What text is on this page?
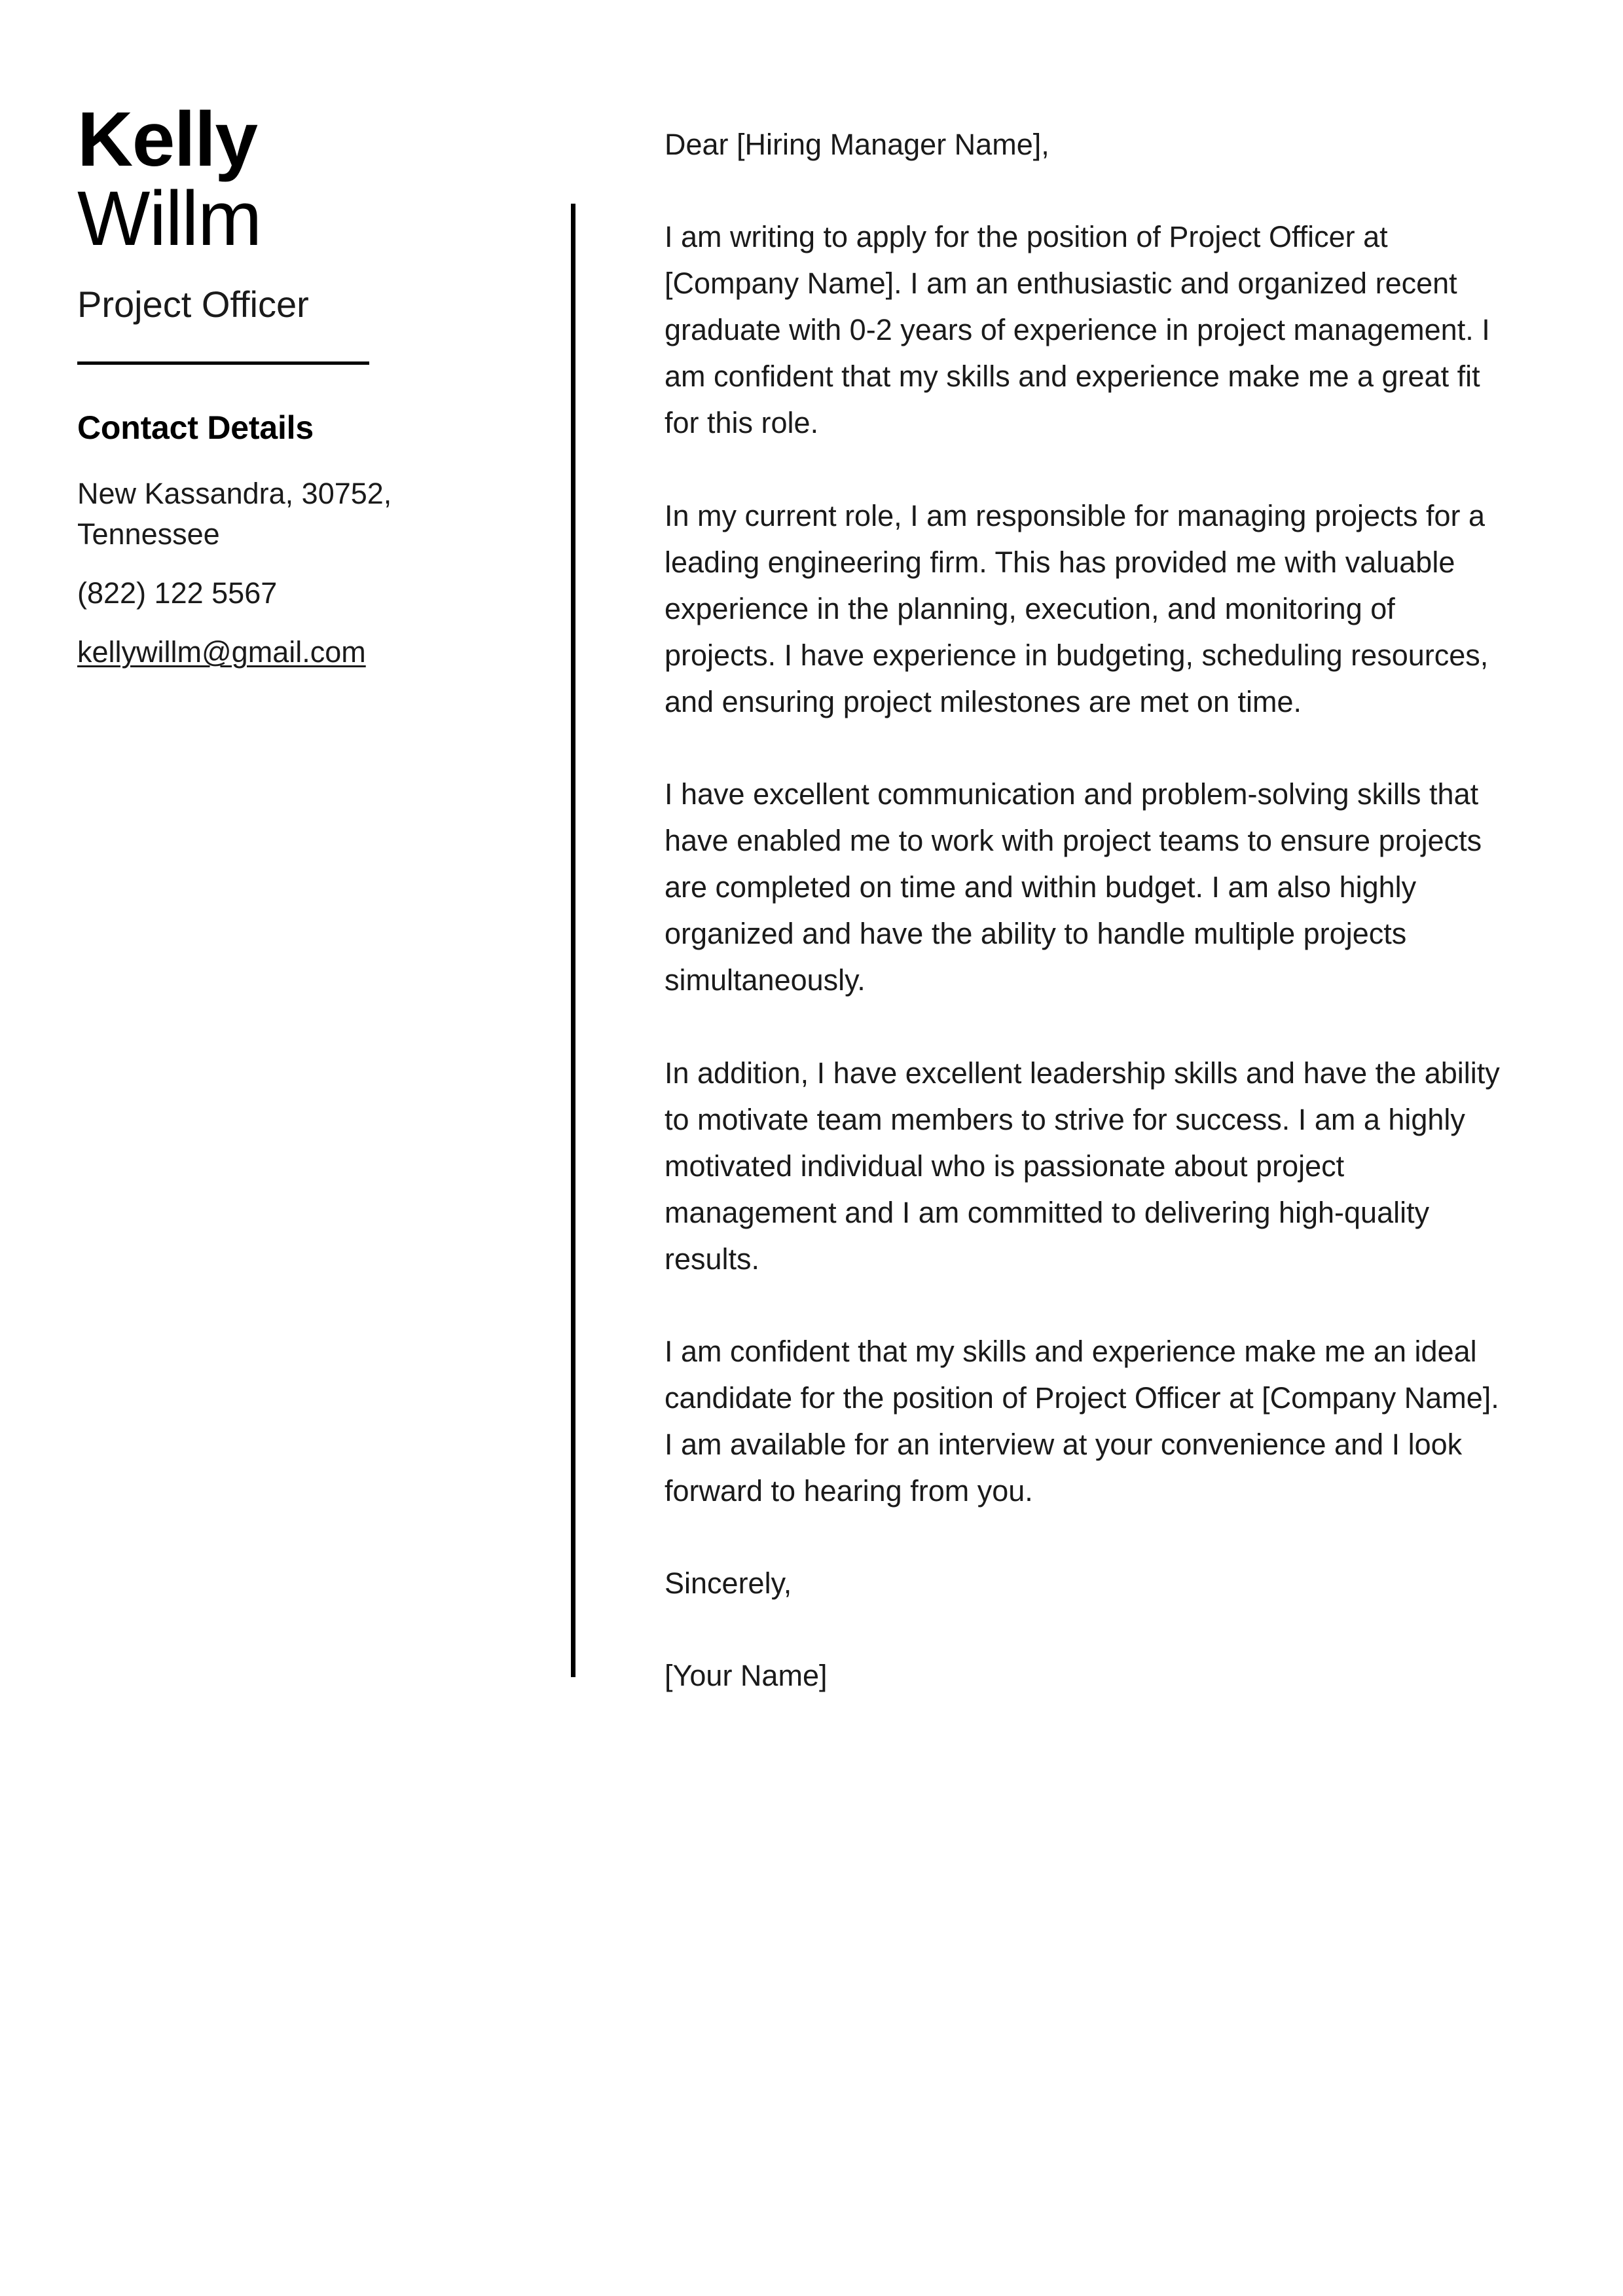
Kelly
Willm
Project Officer
Contact Details
New Kassandra, 30752, Tennessee
(822) 122 5567
kellywillm@gmail.com

Dear [Hiring Manager Name],

I am writing to apply for the position of Project Officer at [Company Name]. I am an enthusiastic and organized recent graduate with 0-2 years of experience in project management. I am confident that my skills and experience make me a great fit for this role.

In my current role, I am responsible for managing projects for a leading engineering firm. This has provided me with valuable experience in the planning, execution, and monitoring of projects. I have experience in budgeting, scheduling resources, and ensuring project milestones are met on time.

I have excellent communication and problem-solving skills that have enabled me to work with project teams to ensure projects are completed on time and within budget. I am also highly organized and have the ability to handle multiple projects simultaneously.

In addition, I have excellent leadership skills and have the ability to motivate team members to strive for success. I am a highly motivated individual who is passionate about project management and I am committed to delivering high-quality results.

I am confident that my skills and experience make me an ideal candidate for the position of Project Officer at [Company Name]. I am available for an interview at your convenience and I look forward to hearing from you.

Sincerely,

[Your Name]
